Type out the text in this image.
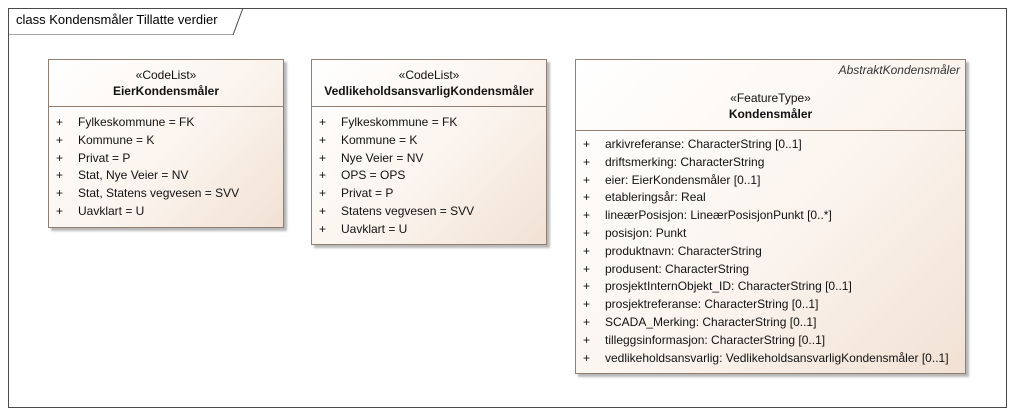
class Kondensmåler Tillatte verdier
«CodeList»
EierKondensmåler
+ Fylkeskommune = FK
+ Kommune = K
+ Privat = P
+ Stat, Nye Veier = NV
+ Stat, Statens vegvesen = SVV
+ Uavklart = U
«CodeList»
VedlikeholdsansvarligKondensmåler
+ Fylkeskommune = FK
+ Kommune = K
+ Nye Veier = NV
+ OPS = OPS
+ Privat = P
+ Statens vegvesen = SVV
+ Uavklart = U
AbstraktKondensmåler
«FeatureType»
Kondensmåler
+ arkivreferanse: CharacterString [0..1]
+ driftsmerking: CharacterString
+ eier: EierKondensmåler [0..1]
+ etableringsår: Real
+ lineærPosisjon: LineærPosisjonPunkt [0..*]
+ posisjon: Punkt
+ produktnavn: CharacterString
+ produsent: CharacterString
+ prosjektInternObjekt_ID: CharacterString [0..1]
+ prosjektreferanse: CharacterString [0..1]
+ SCADA_Merking: CharacterString [0..1]
+ tilleggsinformasjon: CharacterString [0..1]
+ vedlikeholdsansvarlig: VedlikeholdsansvarligKondensmåler [0..1]
